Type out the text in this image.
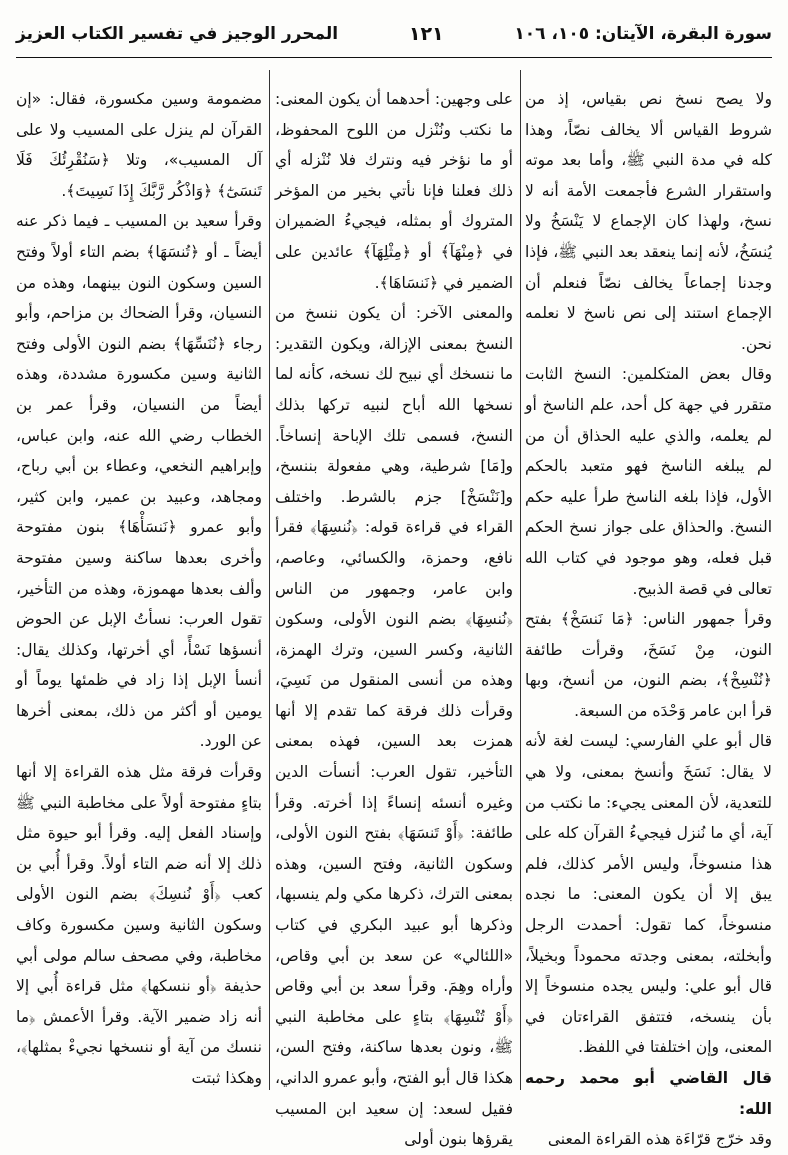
سورة البقرة، الآيتان: ١٠٥، ١٠٦
١٢١
المحرر الوجيز في تفسير الكتاب العزيز

ولا يصح نسخ نص بقياس، إذ من شروط القياس ألا يخالف نصّاً، وهذا كله في مدة النبي ﷺ، وأما بعد موته واستقرار الشرع فأجمعت الأمة أنه لا نسخ، ولهذا كان الإجماع لا يَنْسَخُ ولا يُنسَخُ، لأنه إنما ينعقد بعد النبي ﷺ، فإذا وجدنا إجماعاً يخالف نصّاً فنعلم أن الإجماع استند إلى نص ناسخ لا نعلمه نحن.

وقال بعض المتكلمين: النسخ الثابت متقرر في جهة كل أحد، علم الناسخ أو لم يعلمه، والذي عليه الحذاق أن من لم يبلغه الناسخ فهو متعبد بالحكم الأول، فإذا بلغه الناسخ طرأ عليه حكم النسخ. والحذاق على جواز نسخ الحكم قبل فعله، وهو موجود في كتاب الله تعالى في قصة الذبيح.

وقرأ جمهور الناس: ﴿مَا نَنسَخْ﴾ بفتح النون، مِنْ نَسَخَ، وقرأت طائفة ﴿نُنْسِخْ﴾، بضم النون، من أنسخ، وبها قرأ ابن عامر وَحْدَه من السبعة.

قال أبو علي الفارسي: ليست لغة لأنه لا يقال: نَسَخَ وأنسخ بمعنى، ولا هي للتعدية، لأن المعنى يجيء: ما نكتب من آية، أي ما نُنزل فيجيءُ القرآن كله على هذا منسوخاً، وليس الأمر كذلك، فلم يبق إلا أن يكون المعنى: ما نجده منسوخاً، كما تقول: أحمدت الرجل وأبخلته، بمعنى وجدته محموداً وبخيلاً، قال أبو علي: وليس يجده منسوخاً إلا بأن ينسخه، فتتفق القراءتان في المعنى، وإن اختلفتا في اللفظ.

قال القاضي أبو محمد رحمه الله:

وقد خرّج قرّاءَة هذه القراءة المعنى

على وجهين: أحدهما أن يكون المعنى: ما نكتب ونُنْزل من اللوح المحفوظ، أو ما نؤخر فيه ونترك فلا نُنْزله أي ذلك فعلنا فإنا نأتي بخير من المؤخر المتروك أو بمثله، فيجيءُ الضميران في ﴿مِنْهَآ﴾ أو ﴿مِثْلِهَآ﴾ عائدين على الضمير في ﴿نَنسَاهَا﴾.

والمعنى الآخر: أن يكون ننسخ من النسخ بمعنى الإزالة، ويكون التقدير: ما ننسخك أي نبيح لك نسخه، كأنه لما نسخها الله أباح لنبيه تركها بذلك النسخ، فسمى تلك الإباحة إنساخاً. و[مَا] شرطية، وهي مفعولة بننسخ، و[نَنْسَخْ] جزم بالشرط. واختلف القراء في قراءة قوله: ﴿نُنسِهَا﴾ فقرأ نافع، وحمزة، والكسائي، وعاصم، وابن عامر، وجمهور من الناس ﴿نُنسِهَا﴾ بضم النون الأولى، وسكون الثانية، وكسر السين، وترك الهمزة، وهذه من أنسى المنقول من نَسِيَ، وقرأت ذلك فرقة كما تقدم إلا أنها همزت بعد السين، فهذه بمعنى التأخير، تقول العرب: أنسأت الدين وغيره أنسئه إنساءً إذا أخرته. وقرأ طائفة: ﴿أَوْ تَنسَهَا﴾ بفتح النون الأولى، وسكون الثانية، وفتح السين، وهذه بمعنى الترك، ذكرها مكي ولم ينسبها، وذكرها أبو عبيد البكري في كتاب «اللئالي» عن سعد بن أبي وقاص، وأراه وهِمَ. وقرأ سعد بن أبي وقاص ﴿أَوْ تُنْسِهَا﴾ بتاءٍ على مخاطبة النبي ﷺ، ونون بعدها ساكنة، وفتح السن، هكذا قال أبو الفتح، وأبو عمرو الداني، فقيل لسعد: إن سعيد ابن المسيب يقرؤها بنون أولى

مضمومة وسين مكسورة، فقال: «إن القرآن لم ينزل على المسيب ولا على آل المسيب»، وتلا ﴿سَنُقْرِئُكَ فَلَا تَنسَىٰٓ﴾ ﴿وَاذْكُر رَّبَّكَ إِذَا نَسِيتَ﴾.

وقرأ سعيد بن المسيب ـ فيما ذكر عنه أيضاً ـ أو ﴿تُنسَهَا﴾ بضم التاء أولاً وفتح السين وسكون النون بينهما، وهذه من النسيان، وقرأ الضحاك بن مزاحم، وأبو رجاء ﴿نُنَسِّهَا﴾ بضم النون الأولى وفتح الثانية وسين مكسورة مشددة، وهذه أيضاً من النسيان، وقرأ عمر بن الخطاب رضي الله عنه، وابن عباس، وإبراهيم النخعي، وعطاء بن أبي رباح، ومجاهد، وعبيد بن عمير، وابن كثير، وأبو عمرو ﴿نَنسَأْهَا﴾ بنون مفتوحة وأخرى بعدها ساكنة وسين مفتوحة وألف بعدها مهموزة، وهذه من التأخير، تقول العرب: نسأتُ الإبل عن الحوض أنسؤها نَسْأً، أي أخرتها، وكذلك يقال: أنسأ الإبل إذا زاد في ظمئها يوماً أو يومين أو أكثر من ذلك، بمعنى أخرها عن الورد.

وقرأت فرقة مثل هذه القراءة إلا أنها بتاءٍ مفتوحة أولاً على مخاطبة النبي ﷺ وإسناد الفعل إليه. وقرأ أبو حيوة مثل ذلك إلا أنه ضم التاء أولاً. وقرأ أُبي بن كعب ﴿أَوْ نُنسِكَ﴾ بضم النون الأولى وسكون الثانية وسين مكسورة وكاف مخاطبة، وفي مصحف سالم مولى أبي حذيفة ﴿أو ننسكها﴾ مثل قراءة أُبي إلا أنه زاد ضمير الآية. وقرأ الأعمش ﴿ما ننسك من آية أو ننسخها نجيءْ بمثلها﴾، وهكذا ثبتت
